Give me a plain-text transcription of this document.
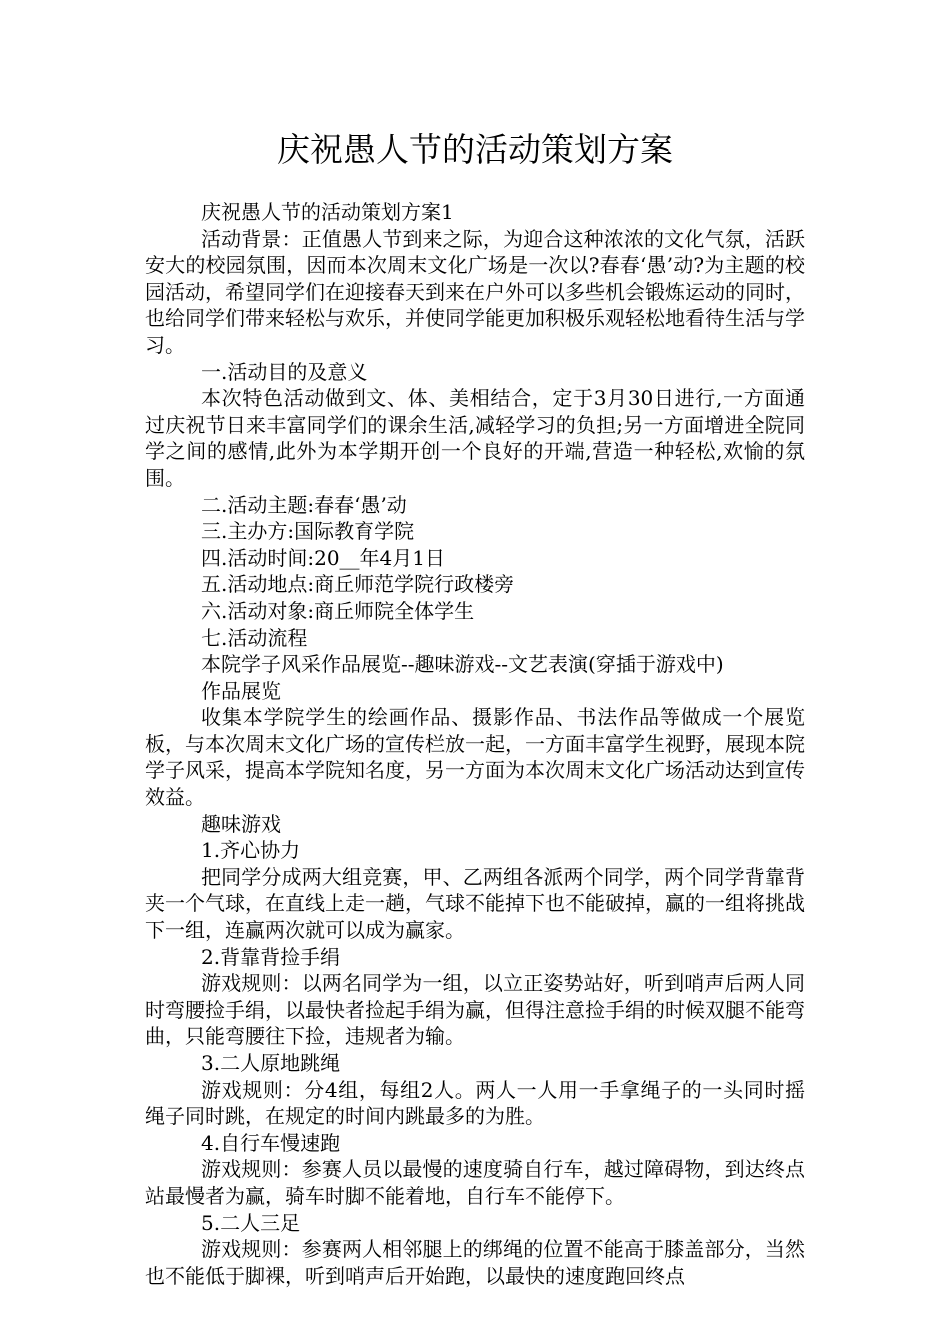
庆祝愚人节的活动策划方案

庆祝愚人节的活动策划方案1

活动背景：正值愚人节到来之际，为迎合这种浓浓的文化气氛，活跃安大的校园氛围，因而本次周末文化广场是一次以?春春‘愚’动?为主题的校园活动，希望同学们在迎接春天到来在户外可以多些机会锻炼运动的同时，也给同学们带来轻松与欢乐，并使同学能更加积极乐观轻松地看待生活与学习。

一.活动目的及意义

本次特色活动做到文、体、美相结合，定于3月30日进行,一方面通过庆祝节日来丰富同学们的课余生活,减轻学习的负担;另一方面增进全院同学之间的感情,此外为本学期开创一个良好的开端,营造一种轻松,欢愉的氛围。

二.活动主题:春春‘愚’动

三.主办方:国际教育学院

四.活动时间:20__年4月1日

五.活动地点:商丘师范学院行政楼旁

六.活动对象:商丘师院全体学生

七.活动流程

本院学子风采作品展览--趣味游戏--文艺表演(穿插于游戏中)

作品展览

收集本学院学生的绘画作品、摄影作品、书法作品等做成一个展览板，与本次周末文化广场的宣传栏放一起，一方面丰富学生视野，展现本院学子风采，提高本学院知名度，另一方面为本次周末文化广场活动达到宣传效益。

趣味游戏

1.齐心协力

把同学分成两大组竞赛，甲、乙两组各派两个同学，两个同学背靠背夹一个气球，在直线上走一趟，气球不能掉下也不能破掉，赢的一组将挑战下一组，连赢两次就可以成为赢家。

2.背靠背捡手绢

游戏规则：以两名同学为一组，以立正姿势站好，听到哨声后两人同时弯腰捡手绢，以最快者捡起手绢为赢，但得注意捡手绢的时候双腿不能弯曲，只能弯腰往下捡，违规者为输。

3.二人原地跳绳

游戏规则：分4组，每组2人。两人一人用一手拿绳子的一头同时摇绳子同时跳，在规定的时间内跳最多的为胜。

4.自行车慢速跑

游戏规则：参赛人员以最慢的速度骑自行车，越过障碍物，到达终点站最慢者为赢，骑车时脚不能着地，自行车不能停下。

5.二人三足

游戏规则：参赛两人相邻腿上的绑绳的位置不能高于膝盖部分，当然也不能低于脚裸，听到哨声后开始跑，以最快的速度跑回终点
